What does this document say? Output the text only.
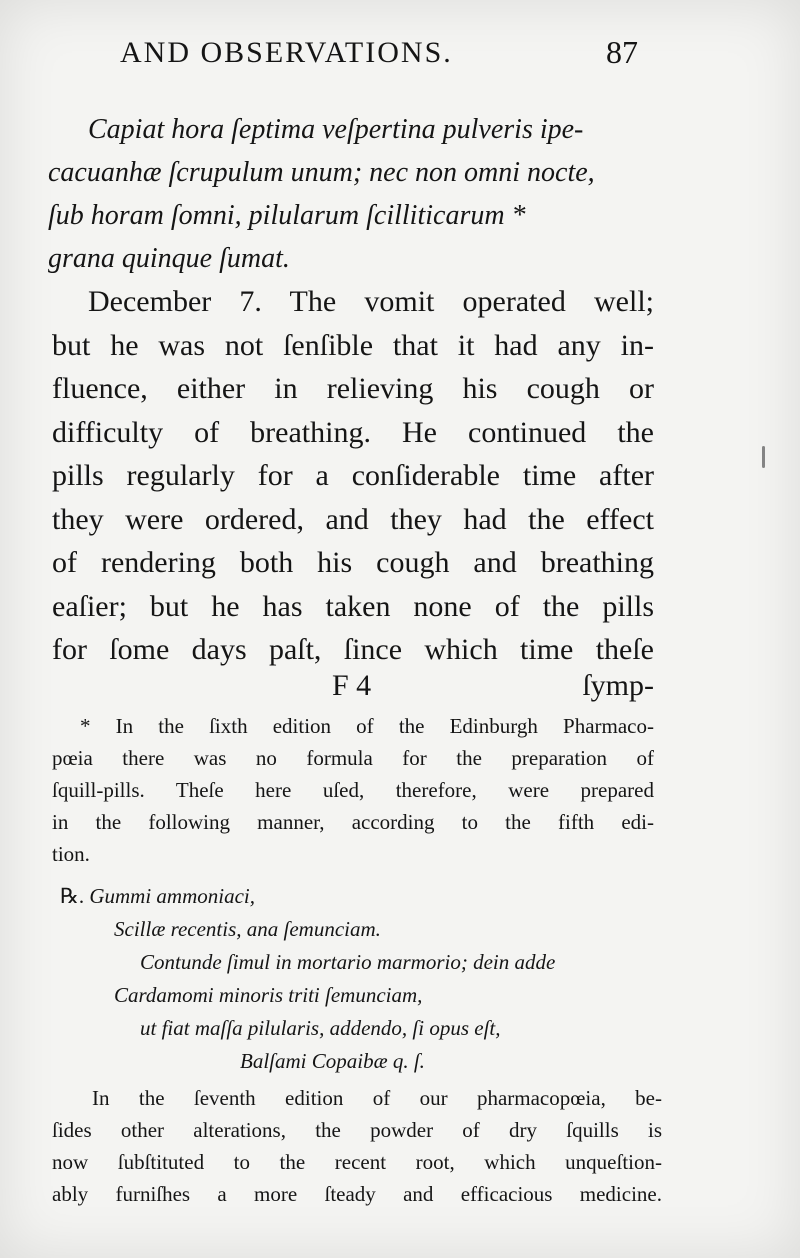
AND OBSERVATIONS.	87
Capiat hora ſeptima veſpertina pulveris ipe-
cacuanhæ ſcrupulum unum; nec non omni nocte,
ſub horam ſomni, pilularum ſcilliticarum *
grana quinque ſumat.
December 7. The vomit operated well;
but he was not ſenſible that it had any in-
fluence, either in relieving his cough or
difficulty of breathing. He continued the
pills regularly for a conſiderable time after
they were ordered, and they had the effect
of rendering both his cough and breathing
eaſier; but he has taken none of the pills
for ſome days paſt, ſince which time theſe
F 4	ſymp-
* In the ſixth edition of the Edinburgh Pharmaco-
pœia there was no formula for the preparation of
ſquill-pills. Theſe here uſed, therefore, were prepared
in the following manner, according to the fifth edi-
tion.
℞. Gummi ammoniaci,
Scillæ recentis, ana ſemunciam.
Contunde ſimul in mortario marmorio; dein adde
Cardamomi minoris triti ſemunciam,
ut fiat maſſa pilularis, addendo, ſi opus eſt,
Balſami Copaibæ q. ſ.
In the ſeventh edition of our pharmacopœia, be-
ſides other alterations, the powder of dry ſquills is
now ſubſtituted to the recent root, which unqueſtion-
ably furniſhes a more ſteady and efficacious medicine.
